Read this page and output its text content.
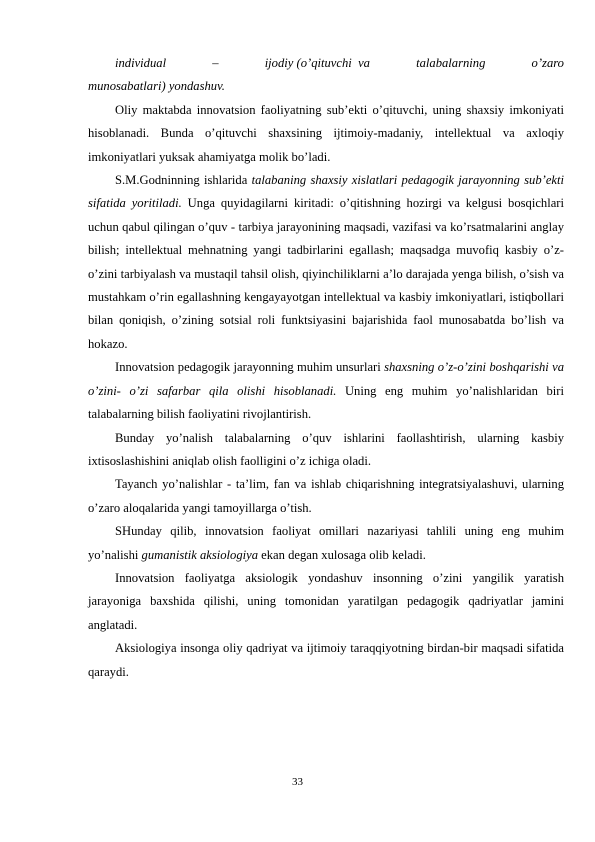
individual	–	ijodiy (o’qituvchi  va	talabalarning	o’zaro

munosabatlari) yondashuv.

Oliy maktabda innovatsion faoliyatning sub’ekti o’qituvchi, uning shaxsiy imkoniyati hisoblanadi. Bunda o’qituvchi shaxsining ijtimoiy-madaniy, intellektual va axloqiy imkoniyatlari yuksak ahamiyatga molik bo’ladi.

S.M.Godninning ishlarida talabaning shaxsiy xislatlari pedagogik jarayonning sub’ekti sifatida yoritiladi. Unga quyidagilarni kiritadi: o’qitishning hozirgi va kelgusi bosqichlari uchun qabul qilingan o’quv - tarbiya jarayonining maqsadi, vazifasi va ko’rsatmalarini anglay bilish; intellektual mehnatning yangi tadbirlarini egallash; maqsadga muvofiq kasbiy o’z-o’zini tarbiyalash va mustaqil tahsil olish, qiyinchiliklarni a’lo darajada yenga bilish, o’sish va mustahkam o’rin egallashning kengayayotgan intellektual va kasbiy imkoniyatlari, istiqbollari bilan qoniqish, o’zining sotsial roli funktsiyasini bajarishida faol munosabatda bo’lish va hokazo.

Innovatsion pedagogik jarayonning muhim unsurlari shaxsning o’z-o’zini boshqarishi va o’zini- o’zi safarbar qila olishi hisoblanadi. Uning eng muhim yo’nalishlaridan biri talabalarning bilish faoliyatini rivojlantirish.

Bunday yo’nalish talabalarning o’quv ishlarini faollashtirish, ularning kasbiy ixtisoslashishini aniqlab olish faolligini o’z ichiga oladi.

Tayanch yo’nalishlar - ta’lim, fan va ishlab chiqarishning integratsiyalashuvi, ularning o’zaro aloqalarida yangi tamoyillarga o’tish.

SHunday qilib, innovatsion faoliyat omillari nazariyasi tahlili uning eng muhim yo’nalishi gumanistik aksiologiya ekan degan xulosaga olib keladi.

Innovatsion faoliyatga aksiologik yondashuv insonning o’zini yangilik yaratish jarayoniga baxshida qilishi, uning tomonidan yaratilgan pedagogik qadriyatlar jamini anglatadi.

Aksiologiya insonga oliy qadriyat va ijtimoiy taraqqiyotning birdan-bir maqsadi sifatida qaraydi.

33
